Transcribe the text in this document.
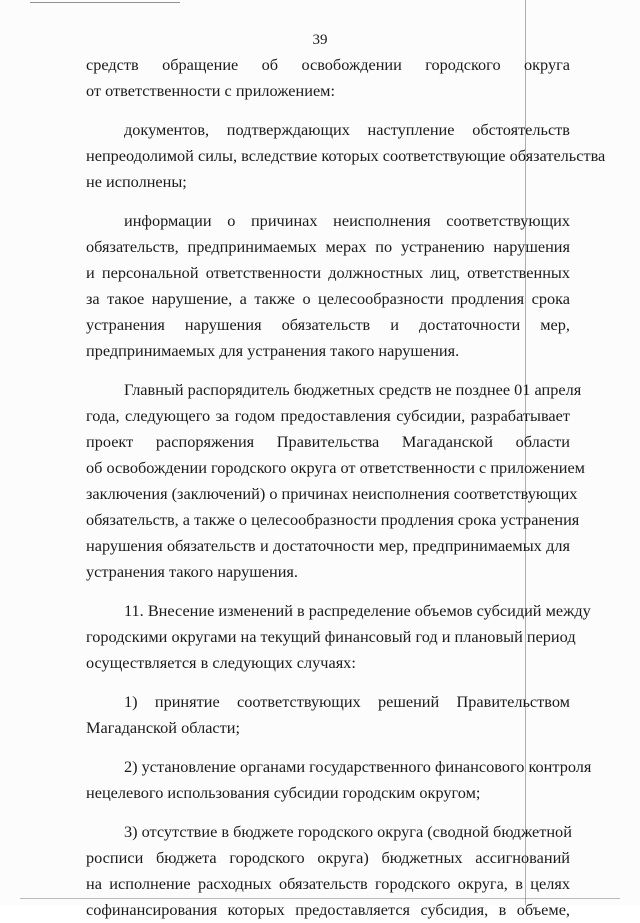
39
средств обращение об освобождении городского округа
от ответственности с приложением:
документов, подтверждающих наступление обстоятельств
непреодолимой силы, вследствие которых соответствующие обязательства
не исполнены;
информации о причинах неисполнения соответствующих
обязательств, предпринимаемых мерах по устранению нарушения
и персональной ответственности должностных лиц, ответственных
за такое нарушение, а также о целесообразности продления срока
устранения нарушения обязательств и достаточности мер,
предпринимаемых для устранения такого нарушения.
Главный распорядитель бюджетных средств не позднее 01 апреля
года, следующего за годом предоставления субсидии, разрабатывает
проект распоряжения Правительства Магаданской области
об освобождении городского округа от ответственности с приложением
заключения (заключений) о причинах неисполнения соответствующих
обязательств, а также о целесообразности продления срока устранения
нарушения обязательств и достаточности мер, предпринимаемых для
устранения такого нарушения.
11. Внесение изменений в распределение объемов субсидий между
городскими округами на текущий финансовый год и плановый период
осуществляется в следующих случаях:
1) принятие соответствующих решений Правительством
Магаданской области;
2) установление органами государственного финансового контроля
нецелевого использования субсидии городским округом;
3) отсутствие в бюджете городского округа (сводной бюджетной
росписи бюджета городского округа) бюджетных ассигнований
на исполнение расходных обязательств городского округа, в целях
софинансирования которых предоставляется субсидия, в объеме,
